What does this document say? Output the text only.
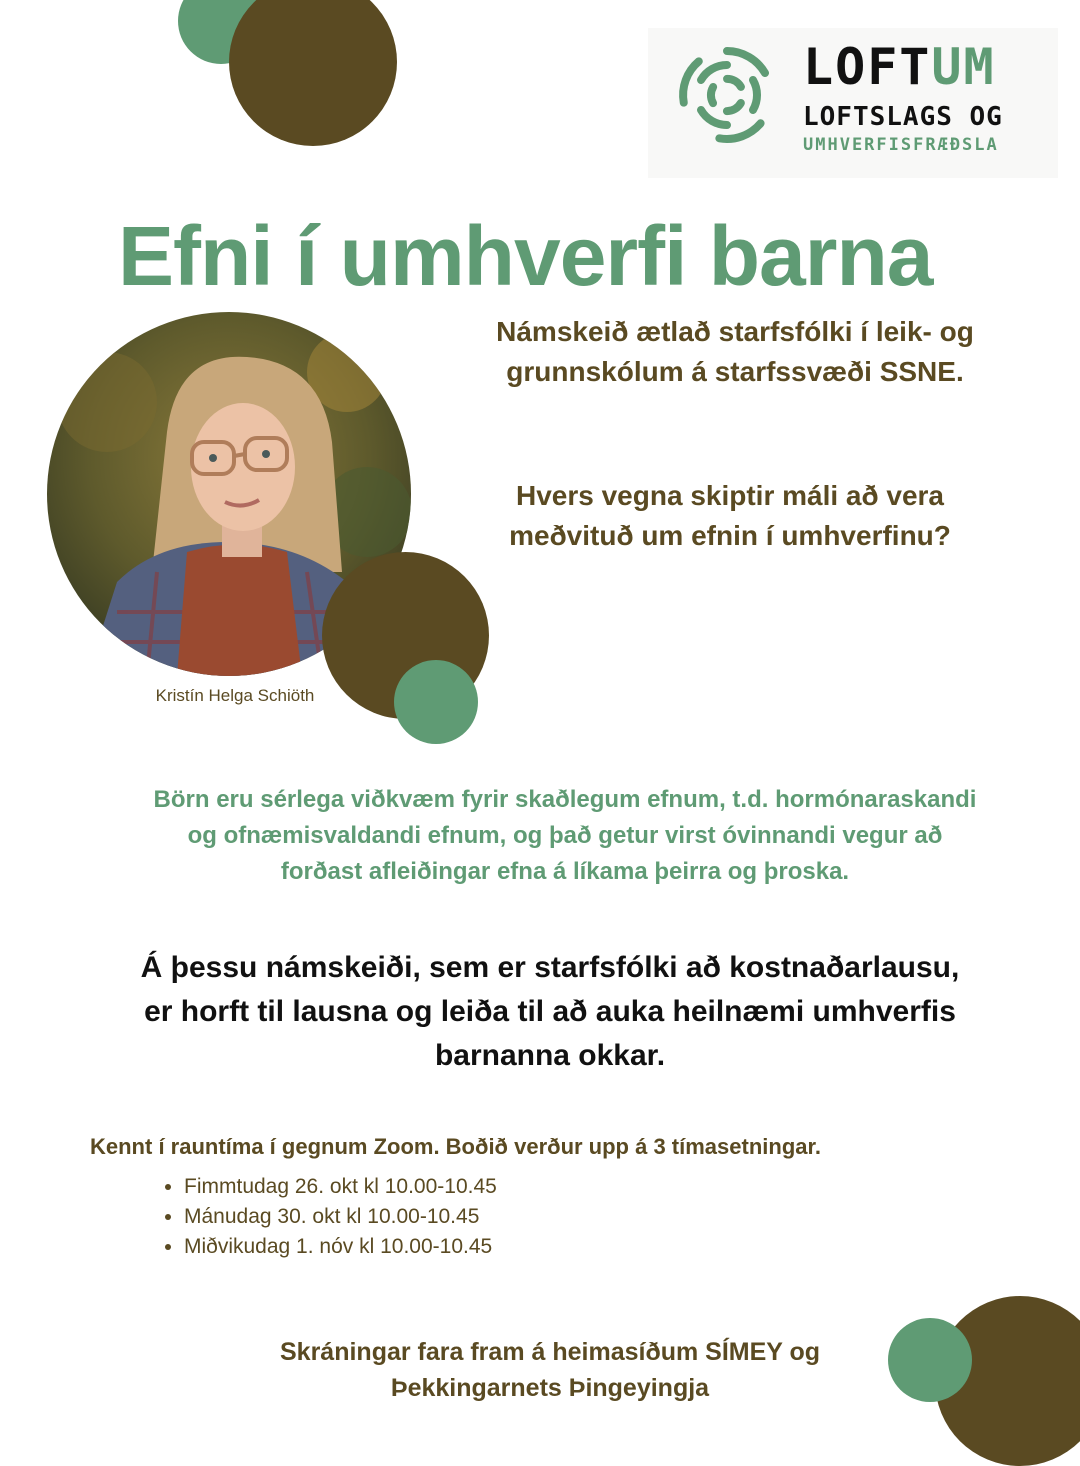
LOFTUM
LOFTSLAGS OG
UMHVERFISFRÆÐSLA
Efni í umhverfi barna
Námskeið ætlað starfsfólki í leik- og
grunnskólum á starfssvæði SSNE.
Kristín Helga Schiöth
Hvers vegna skiptir máli að vera
meðvituð um efnin í umhverfinu?
Börn eru sérlega viðkvæm fyrir skaðlegum efnum, t.d. hormónaraskandi
og ofnæmisvaldandi efnum, og það getur virst óvinnandi vegur að
forðast afleiðingar efna á líkama þeirra og þroska.
Á þessu námskeiði, sem er starfsfólki að kostnaðarlausu,
er horft til lausna og leiða til að auka heilnæmi umhverfis
barnanna okkar.
Kennt í rauntíma í gegnum Zoom. Boðið verður upp á 3 tímasetningar.
• Fimmtudag 26. okt kl 10.00-10.45
• Mánudag 30. okt kl 10.00-10.45
• Miðvikudag 1. nóv kl 10.00-10.45
Skráningar fara fram á heimasíðum SÍMEY og
Þekkingarnets Þingeyingja
